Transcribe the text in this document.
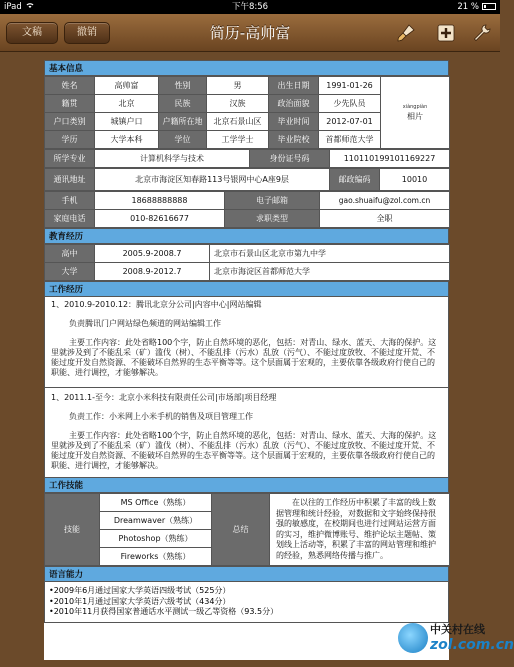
iPad	下午8:56	21 %
文稿	撤销	简历-高帅富
基本信息
姓名	高帅富	性别	男	出生日期	1991-01-26	xiàngpiàn
相片
籍贯	北京	民族	汉族	政治面貌	少先队员	
户口类别	城镇户口	户籍所在地	北京石景山区	毕业时间	2012-07-01	
学历	大学本科	学位	工学学士	毕业院校	首都师范大学	
所学专业	计算机科学与技术	身份证号码	110110199101169227
通讯地址	北京市海淀区知春路113号银网中心A座9层	邮政编码	10010
手机	18688888888	电子邮箱	gao.shuaifu@zol.com.cn
家庭电话	010-82616677	求职类型	全职
教育经历
高中	2005.9-2008.7	北京市石景山区北京市第九中学
大学	2008.9-2012.7	北京市海淀区首都师范大学
工作经历

1、2010.9-2010.12：腾讯北京分公司|内容中心|网站编辑

负责腾讯门户网站绿色频道的网站编辑工作

主要工作内容：此处省略100个字，防止自然环境的恶化，包括：对青山、绿水、蓝天、大海的保护。这里就涉及到了不能乱采（矿）滥伐（树）、不能乱排（污水）乱放（污气）、不能过度放牧、不能过度开荒、不能过度开发自然资源、不能破坏自然界的生态平衡等等。这个层面属于宏观的，主要依靠各级政府行使自己的职能、进行调控，才能够解决。

1、2011.1-至今：北京小米科技有限责任公司|市场部|项目经理

负责工作：小米网上小米手机的销售及项目管理工作

主要工作内容：此处省略100个字，防止自然环境的恶化，包括：对青山、绿水、蓝天、大海的保护。这里就涉及到了不能乱采（矿）滥伐（树）、不能乱排（污水）乱放（污气）、不能过度放牧、不能过度开荒、不能过度开发自然资源、不能破坏自然界的生态平衡等等。这个层面属于宏观的，主要依靠各级政府行使自己的职能、进行调控，才能够解决。

工作技能
技能	MS Office（熟练）	总结	在以往的工作经历中积累了丰富的线上数据管理和统计经验，对数据和文字始终保持很强的敏感度，在校期间也进行过网站运营方面的实习，维护微博账号、维护论坛主题帖、策划线上活动等，积累了丰富的网站管理和维护的经验，熟悉网络传播与推广。
Dreamwaver（熟练）
Photoshop（熟练）
Fireworks（熟练）
语言能力
•2009年6月通过国家大学英语四级考试（525分）
•2010年1月通过国家大学英语六级考试（434分）
•2010年11月获得国家普通话水平测试一级乙等资格（93.5分）
中关村在线
zol.com.cn
